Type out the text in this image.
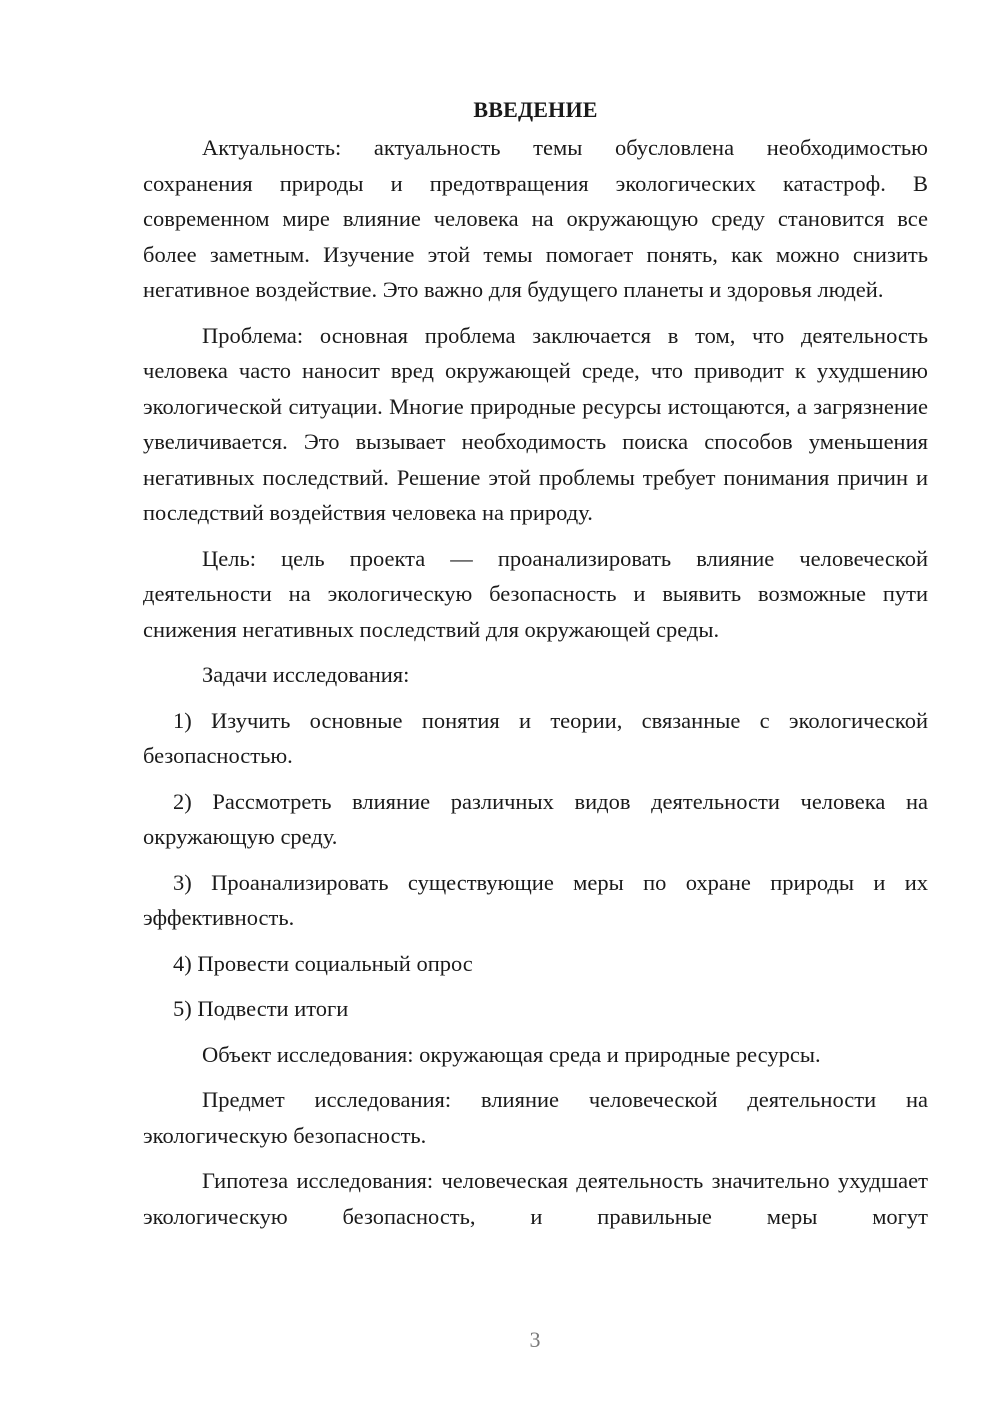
ВВЕДЕНИЕ

Актуальность: актуальность темы обусловлена необходимостью сохранения природы и предотвращения экологических катастроф. В современном мире влияние человека на окружающую среду становится все более заметным. Изучение этой темы помогает понять, как можно снизить негативное воздействие. Это важно для будущего планеты и здоровья людей.

Проблема: основная проблема заключается в том, что деятельность человека часто наносит вред окружающей среде, что приводит к ухудшению экологической ситуации. Многие природные ресурсы истощаются, а загрязнение увеличивается. Это вызывает необходимость поиска способов уменьшения негативных последствий. Решение этой проблемы требует понимания причин и последствий воздействия человека на природу.

Цель: цель проекта — проанализировать влияние человеческой деятельности на экологическую безопасность и выявить возможные пути снижения негативных последствий для окружающей среды.

Задачи исследования:

1) Изучить основные понятия и теории, связанные с экологической безопасностью.

2) Рассмотреть влияние различных видов деятельности человека на окружающую среду.

3) Проанализировать существующие меры по охране природы и их эффективность.

4) Провести социальный опрос

5) Подвести итоги

Объект исследования: окружающая среда и природные ресурсы.

Предмет исследования: влияние человеческой деятельности на экологическую безопасность.

Гипотеза исследования: человеческая деятельность значительно ухудшает экологическую безопасность, и правильные меры могут

3
